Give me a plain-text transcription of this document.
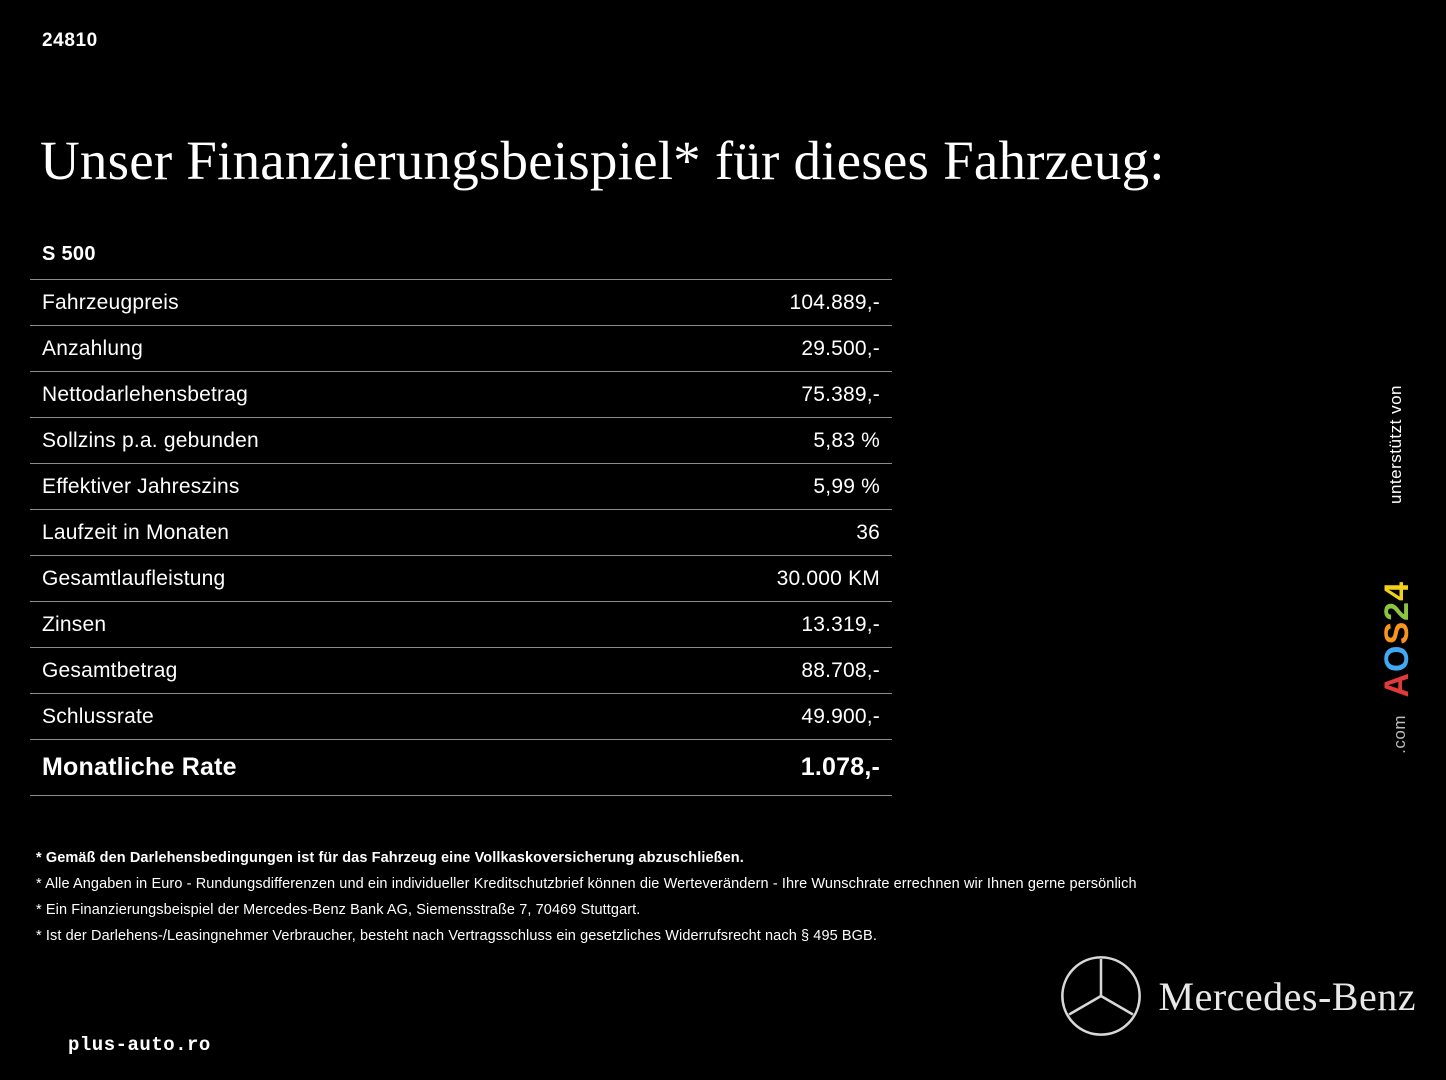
24810
Unser Finanzierungsbeispiel* für dieses Fahrzeug:
S 500
Fahrzeugpreis	104.889,-
Anzahlung	29.500,-
Nettodarlehensbetrag	75.389,-
Sollzins p.a. gebunden	5,83 %
Effektiver Jahreszins	5,99 %
Laufzeit in Monaten	36
Gesamtlaufleistung	30.000 KM
Zinsen	13.319,-
Gesamtbetrag	88.708,-
Schlussrate	49.900,-
Monatliche Rate	1.078,-
* Gemäß den Darlehensbedingungen ist für das Fahrzeug eine Vollkaskoversicherung abzuschließen.
* Alle Angaben in Euro - Rundungsdifferenzen und ein individueller Kreditschutzbrief können die Werteverändern - Ihre Wunschrate errechnen wir Ihnen gerne persönlich
* Ein Finanzierungsbeispiel der Mercedes-Benz Bank AG, Siemensstraße 7, 70469 Stuttgart.
* Ist der Darlehens-/Leasingnehmer Verbraucher, besteht nach Vertragsschluss ein gesetzliches Widerrufsrecht nach § 495 BGB.
unterstützt von
AOS24
.com
Mercedes-Benz
plus-auto.ro
